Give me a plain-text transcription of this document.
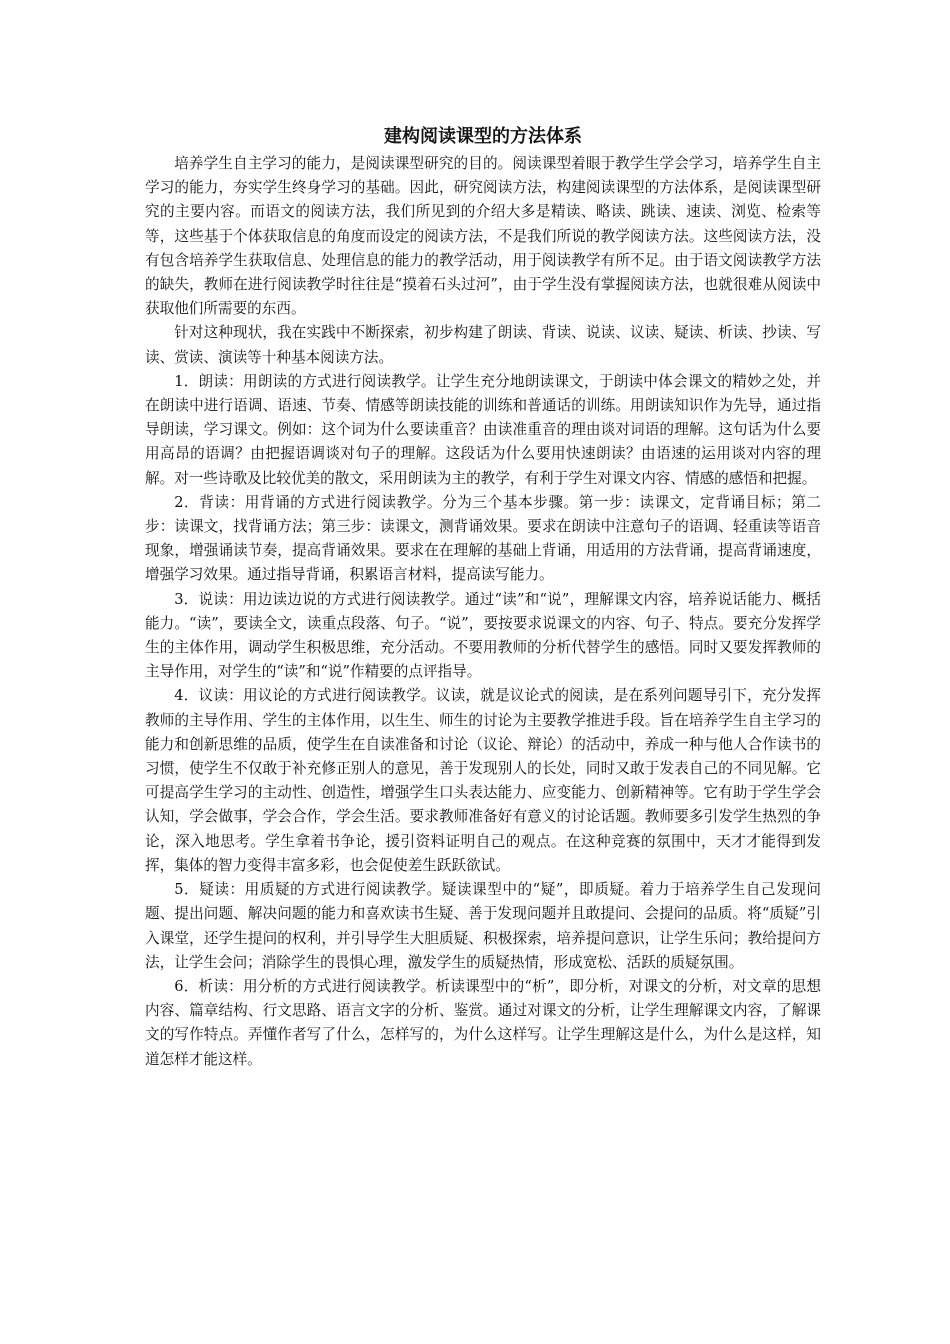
建构阅读课型的方法体系

培养学生自主学习的能力，是阅读课型研究的目的。阅读课型着眼于教学生学会学习，培养学生自主学习的能力，夯实学生终身学习的基础。因此，研究阅读方法，构建阅读课型的方法体系，是阅读课型研究的主要内容。而语文的阅读方法，我们所见到的介绍大多是精读、略读、跳读、速读、浏览、检索等等，这些基于个体获取信息的角度而设定的阅读方法，不是我们所说的教学阅读方法。这些阅读方法，没有包含培养学生获取信息、处理信息的能力的教学活动，用于阅读教学有所不足。由于语文阅读教学方法的缺失，教师在进行阅读教学时往往是“摸着石头过河”，由于学生没有掌握阅读方法，也就很难从阅读中获取他们所需要的东西。

针对这种现状，我在实践中不断探索，初步构建了朗读、背读、说读、议读、疑读、析读、抄读、写读、赏读、演读等十种基本阅读方法。

1．朗读：用朗读的方式进行阅读教学。让学生充分地朗读课文，于朗读中体会课文的精妙之处，并在朗读中进行语调、语速、节奏、情感等朗读技能的训练和普通话的训练。用朗读知识作为先导，通过指导朗读，学习课文。例如：这个词为什么要读重音？由读准重音的理由谈对词语的理解。这句话为什么要用高昂的语调？由把握语调谈对句子的理解。这段话为什么要用快速朗读？由语速的运用谈对内容的理解。对一些诗歌及比较优美的散文，采用朗读为主的教学，有利于学生对课文内容、情感的感悟和把握。

2．背读：用背诵的方式进行阅读教学。分为三个基本步骤。第一步：读课文，定背诵目标；第二步：读课文，找背诵方法；第三步：读课文，测背诵效果。要求在朗读中注意句子的语调、轻重读等语音现象，增强诵读节奏，提高背诵效果。要求在在理解的基础上背诵，用适用的方法背诵，提高背诵速度，增强学习效果。通过指导背诵，积累语言材料，提高读写能力。

3．说读：用边读边说的方式进行阅读教学。通过“读”和“说”，理解课文内容，培养说话能力、概括能力。“读”，要读全文，读重点段落、句子。“说”，要按要求说课文的内容、句子、特点。要充分发挥学生的主体作用，调动学生积极思维，充分活动。不要用教师的分析代替学生的感悟。同时又要发挥教师的主导作用，对学生的“读”和“说”作精要的点评指导。

4．议读：用议论的方式进行阅读教学。议读，就是议论式的阅读，是在系列问题导引下，充分发挥教师的主导作用、学生的主体作用，以生生、师生的讨论为主要教学推进手段。旨在培养学生自主学习的能力和创新思维的品质，使学生在自读准备和讨论（议论、辩论）的活动中，养成一种与他人合作读书的习惯，使学生不仅敢于补充修正别人的意见，善于发现别人的长处，同时又敢于发表自己的不同见解。它可提高学生学习的主动性、创造性，增强学生口头表达能力、应变能力、创新精神等。它有助于学生学会认知，学会做事，学会合作，学会生活。要求教师准备好有意义的讨论话题。教师要多引发学生热烈的争论，深入地思考。学生拿着书争论，援引资料证明自己的观点。在这种竞赛的氛围中，天才才能得到发挥，集体的智力变得丰富多彩，也会促使差生跃跃欲试。

5．疑读：用质疑的方式进行阅读教学。疑读课型中的“疑”，即质疑。着力于培养学生自己发现问题、提出问题、解决问题的能力和喜欢读书生疑、善于发现问题并且敢提问、会提问的品质。将“质疑”引入课堂，还学生提问的权利，并引导学生大胆质疑、积极探索，培养提问意识，让学生乐问；教给提问方法，让学生会问；消除学生的畏惧心理，激发学生的质疑热情，形成宽松、活跃的质疑氛围。

6．析读：用分析的方式进行阅读教学。析读课型中的“析”，即分析，对课文的分析，对文章的思想内容、篇章结构、行文思路、语言文字的分析、鉴赏。通过对课文的分析，让学生理解课文内容，了解课文的写作特点。弄懂作者写了什么，怎样写的，为什么这样写。让学生理解这是什么，为什么是这样，知道怎样才能这样。
